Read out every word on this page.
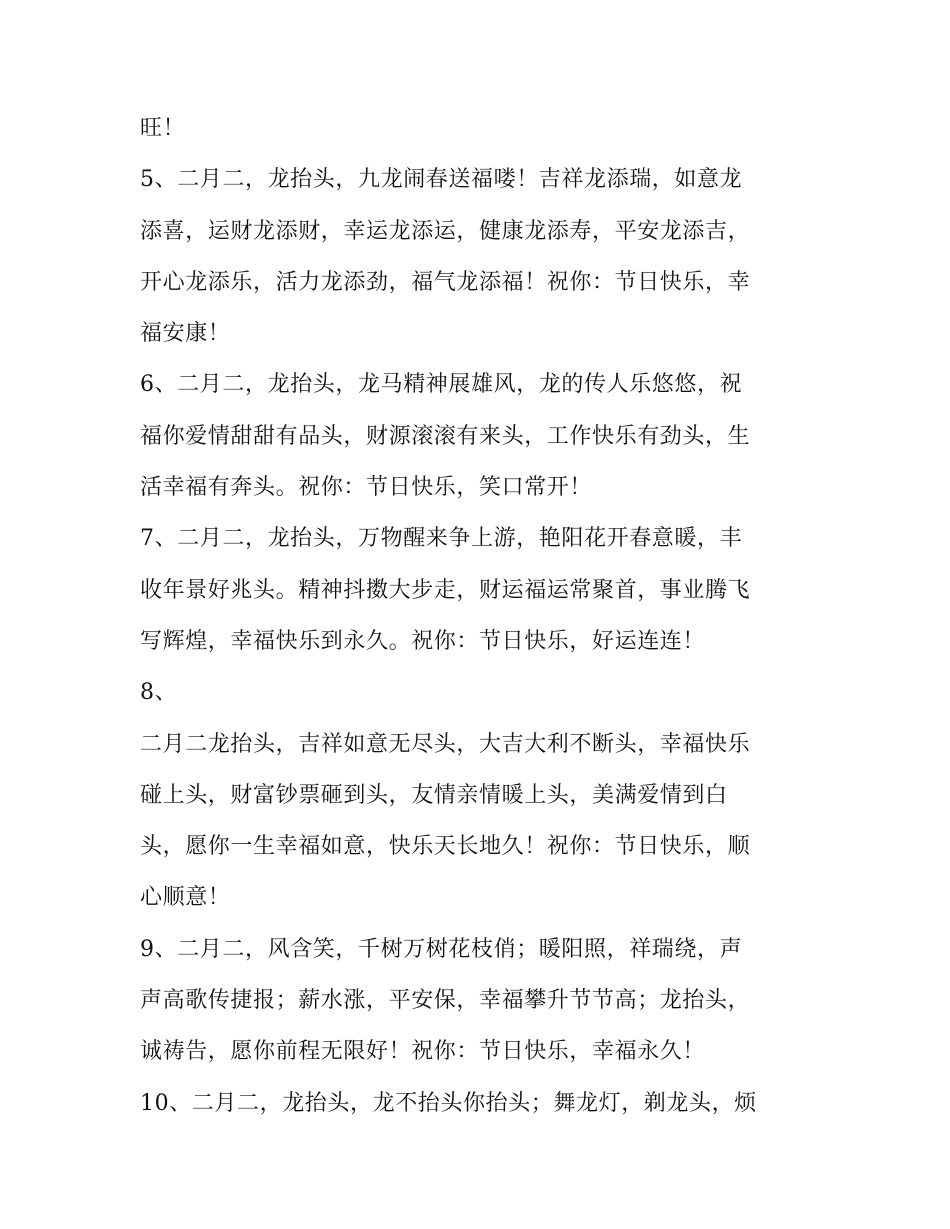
旺！
5、二月二，龙抬头，九龙闹春送福喽！吉祥龙添瑞，如意龙
添喜，运财龙添财，幸运龙添运，健康龙添寿，平安龙添吉，
开心龙添乐，活力龙添劲，福气龙添福！祝你：节日快乐，幸
福安康！
6、二月二，龙抬头，龙马精神展雄风，龙的传人乐悠悠，祝
福你爱情甜甜有品头，财源滚滚有来头，工作快乐有劲头，生
活幸福有奔头。祝你：节日快乐，笑口常开！
7、二月二，龙抬头，万物醒来争上游，艳阳花开春意暖，丰
收年景好兆头。精神抖擞大步走，财运福运常聚首，事业腾飞
写辉煌，幸福快乐到永久。祝你：节日快乐，好运连连！
8、
二月二龙抬头，吉祥如意无尽头，大吉大利不断头，幸福快乐
碰上头，财富钞票砸到头，友情亲情暖上头，美满爱情到白
头，愿你一生幸福如意，快乐天长地久！祝你：节日快乐，顺
心顺意！
9、二月二，风含笑，千树万树花枝俏；暖阳照，祥瑞绕，声
声高歌传捷报；薪水涨，平安保，幸福攀升节节高；龙抬头，
诚祷告，愿你前程无限好！祝你：节日快乐，幸福永久！
10、二月二，龙抬头，龙不抬头你抬头；舞龙灯，剃龙头，烦
